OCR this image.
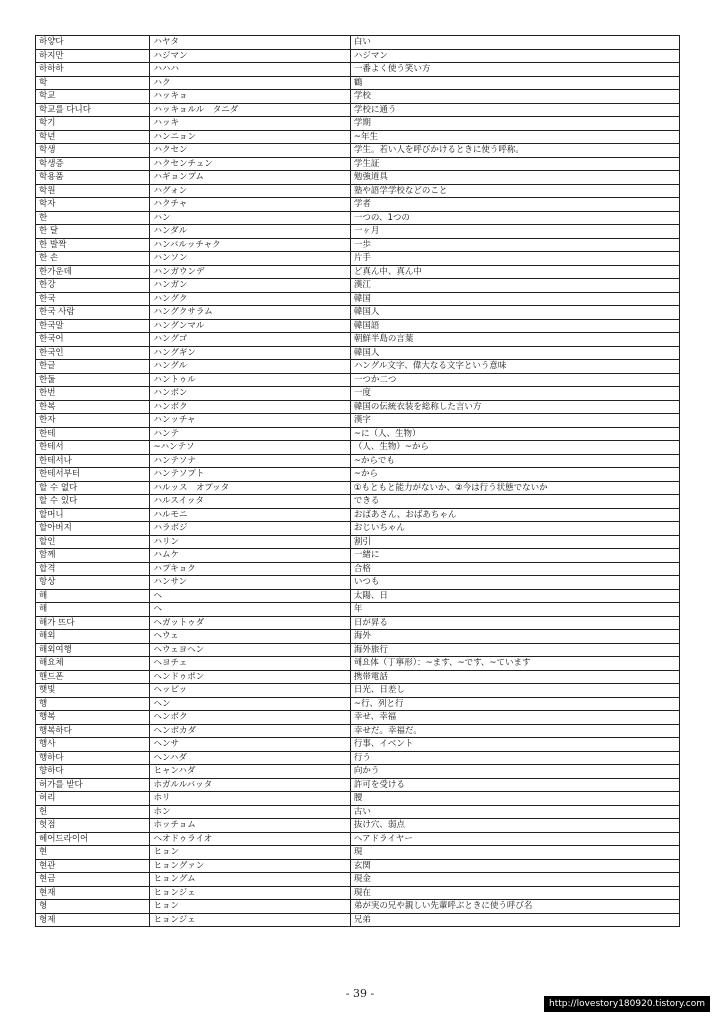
하얗다	ハヤタ	白い
하지만	ハジマン	ハジマン
하하하	ハハハ	一番よく使う笑い方
학	ハク	鶴
학교	ハッキョ	学校
학교를 다니다	ハッキョルル　タニダ	学校に通う
학기	ハッキ	学期
학년	ハンニョン	~年生
학생	ハクセン	学生。若い人を呼びかけるときに使う呼称。
학생증	ハクセンチュン	学生証
학용품	ハギョンプム	勉強道具
학원	ハグォン	塾や語学学校などのこと
학자	ハクチャ	学者
한	ハン	一つの、1つの
한 달	ハンダル	一ヶ月
한 발짝	ハンバルッチャク	一歩
한 손	ハンソン	片手
한가운데	ハンガウンデ	ど真ん中、真ん中
한강	ハンガン	漢江
한국	ハングク	韓国
한국 사람	ハングクサラム	韓国人
한국말	ハングンマル	韓国語
한국어	ハングゴ	朝鮮半島の言葉
한국인	ハングギン	韓国人
한글	ハングル	ハングル文字、偉大なる文字という意味
한둘	ハントゥル	一つか二つ
한번	ハンボン	一度
한복	ハンボク	韓国の伝統衣装を総称した言い方
한자	ハンッチャ	漢字
한테	ハンテ	~に（人、生物）
한테서	~ハンテソ	（人、生物）~から
한테서나	ハンテソナ	~からでも
한테서부터	ハンテソプト	~から
할 수 없다	ハルッス　オプッタ	①もともと能力がないか、②今は行う状態でないか
할 수 있다	ハルスイッタ	できる
할머니	ハルモニ	おばあさん、おばあちゃん
할아버지	ハラボジ	おじいちゃん
할인	ハリン	割引
함께	ハムケ	一緒に
합격	ハプキョク	合格
항상	ハンサン	いつも
해	ヘ	太陽、日
해	ヘ	年
해가 뜨다	ヘガットゥダ	日が昇る
해외	ヘウェ	海外
해외여행	ヘウェヨヘン	海外旅行
해요체	ヘヨチェ	해요体（丁寧形）：~ます、~です、~ています
핸드폰	ヘンドゥポン	携帯電話
햇빛	ヘッピッ	日光、日差し
행	ヘン	~行、列と行
행복	ヘンボク	幸せ、幸福
행복하다	ヘンボカダ	幸せだ。幸福だ。
행사	ヘンサ	行事、イベント
행하다	ヘンハダ	行う
향하다	ヒャンハダ	向かう
허가를 받다	ホガルルバッタ	許可を受ける
허리	ホリ	腰
헌	ホン	古い
헛점	ホッチョム	抜け穴、弱点
헤어드라이어	ヘオドゥライオ	ヘアドライヤー
현	ヒョン	現
현관	ヒョングァン	玄関
현금	ヒョングム	現金
현재	ヒョンジェ	現在
형	ヒョン	弟が実の兄や親しい先輩呼ぶときに使う呼び名
형제	ヒョンジェ	兄弟
- 39 -
http://lovestory180920.tistory.com
